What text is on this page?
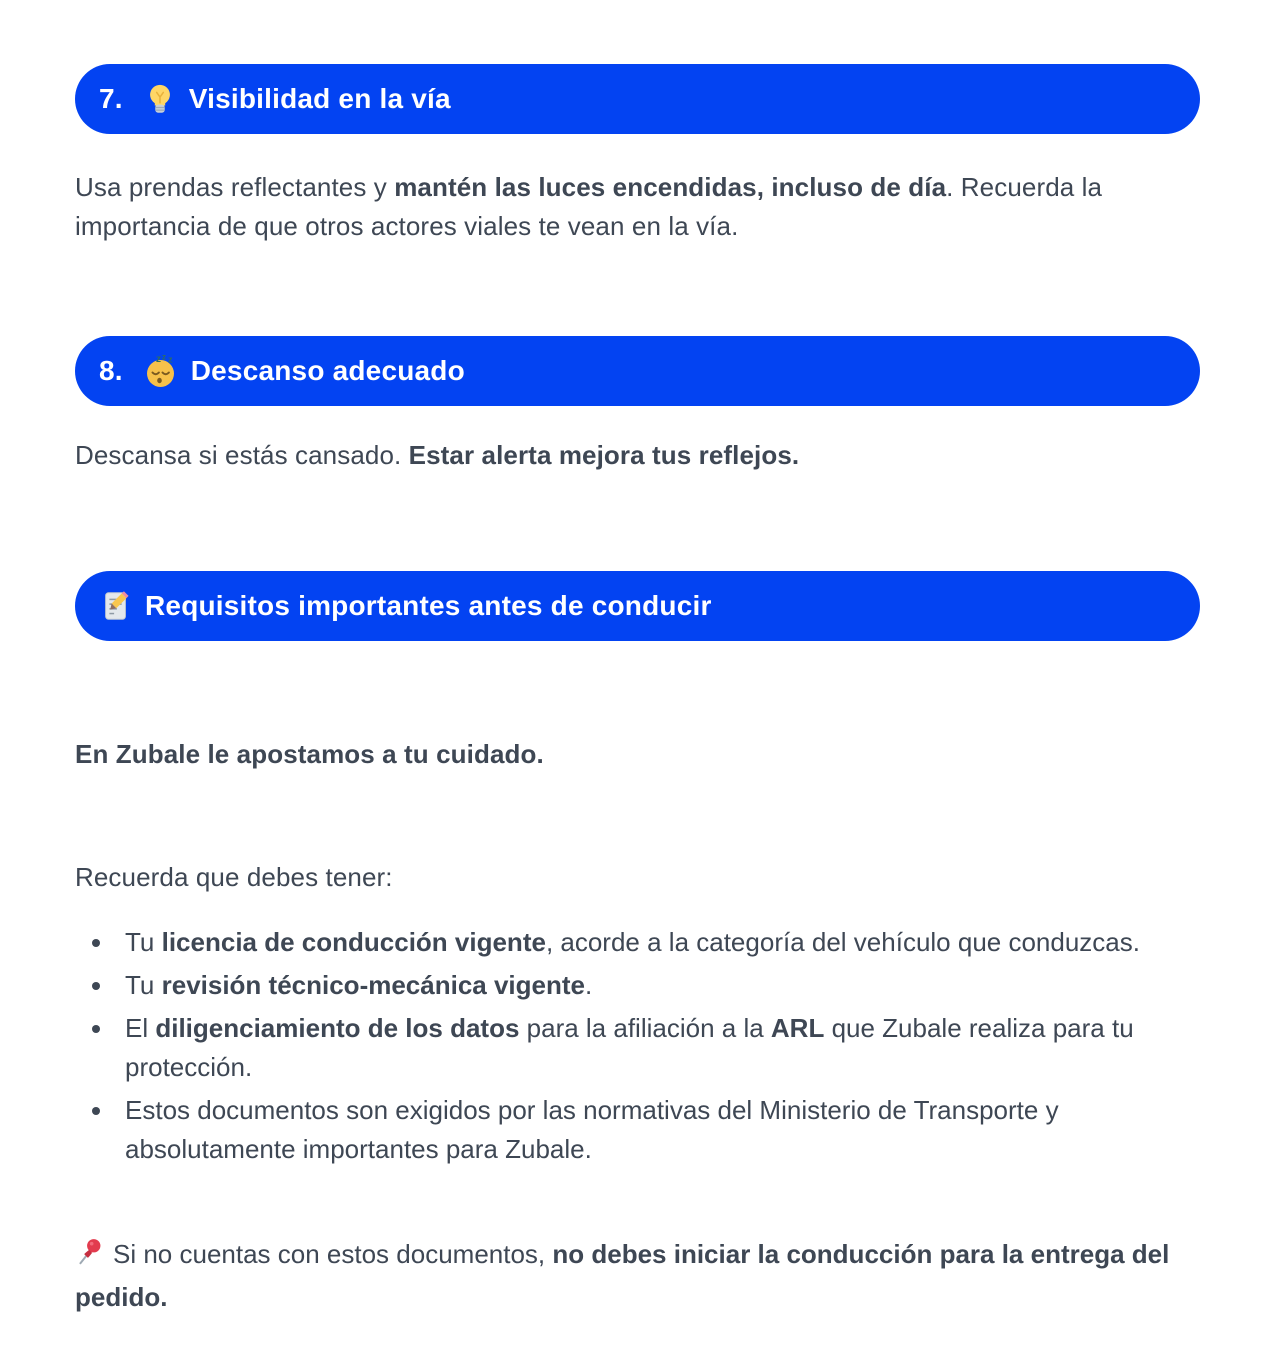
7. Visibilidad en la vía

Usa prendas reflectantes y mantén las luces encendidas, incluso de día. Recuerda la importancia de que otros actores viales te vean en la vía.

8.	z z z Descanso adecuado

Descansa si estás cansado. Estar alerta mejora tus reflejos.

Requisitos importantes antes de conducir

En Zubale le apostamos a tu cuidado.

Recuerda que debes tener:

• Tu licencia de conducción vigente, acorde a la categoría del vehículo que conduzcas.
• Tu revisión técnico-mecánica vigente.
• El diligenciamiento de los datos para la afiliación a la ARL que Zubale realiza para tu protección.
• Estos documentos son exigidos por las normativas del Ministerio de Transporte y absolutamente importantes para Zubale.

Si no cuentas con estos documentos, no debes iniciar la conducción para la entrega del pedido.
